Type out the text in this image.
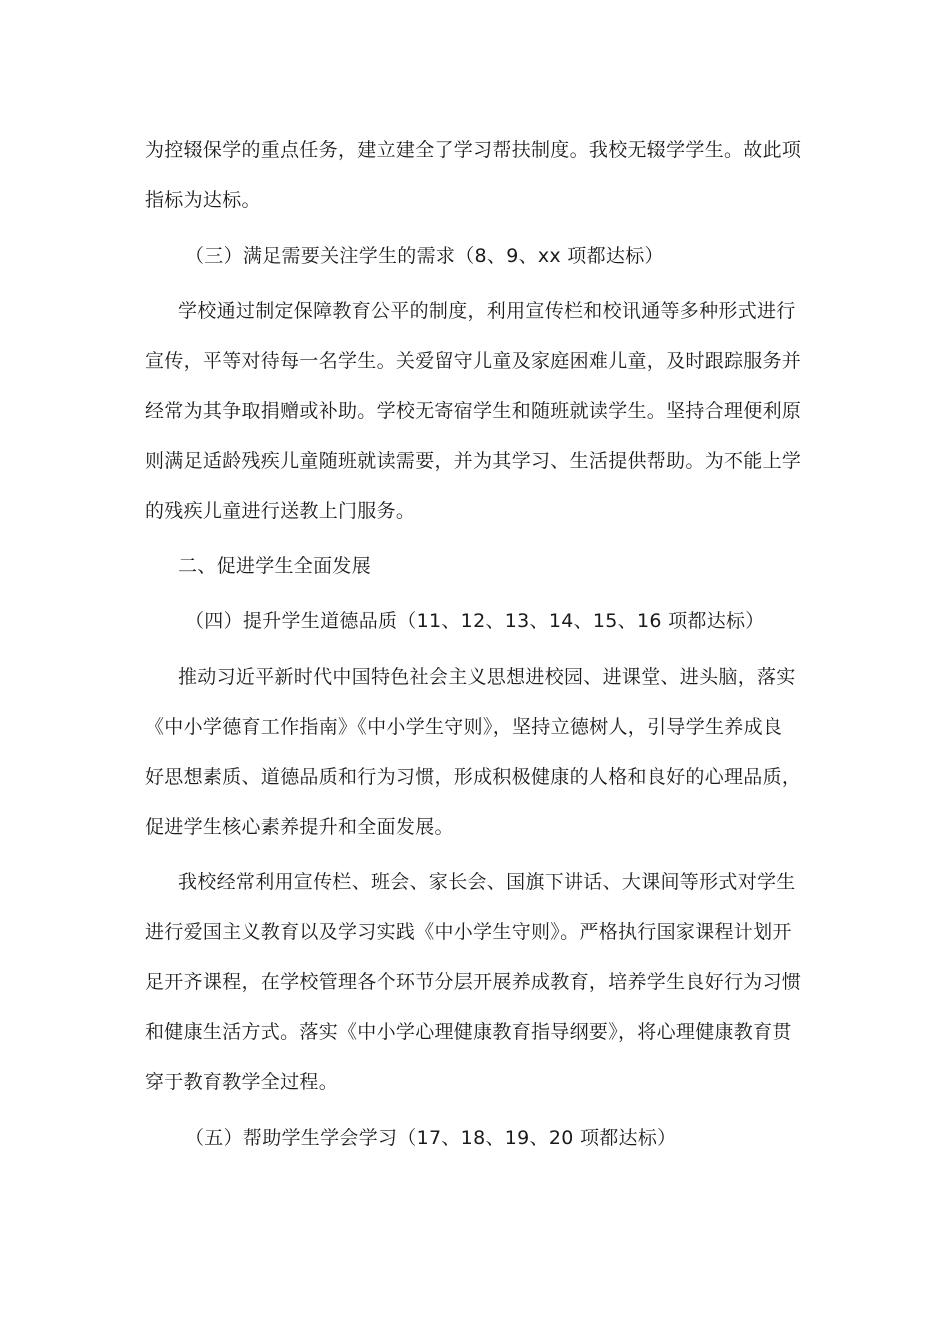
为控辍保学的重点任务，建立建全了学习帮扶制度。我校无辍学学生。故此项

指标为达标。

（三）满足需要关注学生的需求（8、9、xx 项都达标）

学校通过制定保障教育公平的制度，利用宣传栏和校讯通等多种形式进行

宣传，平等对待每一名学生。关爱留守儿童及家庭困难儿童，及时跟踪服务并

经常为其争取捐赠或补助。学校无寄宿学生和随班就读学生。坚持合理便利原

则满足适龄残疾儿童随班就读需要，并为其学习、生活提供帮助。为不能上学

的残疾儿童进行送教上门服务。

二、促进学生全面发展

（四）提升学生道德品质（11、12、13、14、15、16 项都达标）

推动习近平新时代中国特色社会主义思想进校园、进课堂、进头脑，落实

《中小学德育工作指南》《中小学生守则》，坚持立德树人，引导学生养成良

好思想素质、道德品质和行为习惯，形成积极健康的人格和良好的心理品质，

促进学生核心素养提升和全面发展。

我校经常利用宣传栏、班会、家长会、国旗下讲话、大课间等形式对学生

进行爱国主义教育以及学习实践《中小学生守则》。严格执行国家课程计划开

足开齐课程，在学校管理各个环节分层开展养成教育，培养学生良好行为习惯

和健康生活方式。落实《中小学心理健康教育指导纲要》，将心理健康教育贯

穿于教育教学全过程。

（五）帮助学生学会学习（17、18、19、20 项都达标）
